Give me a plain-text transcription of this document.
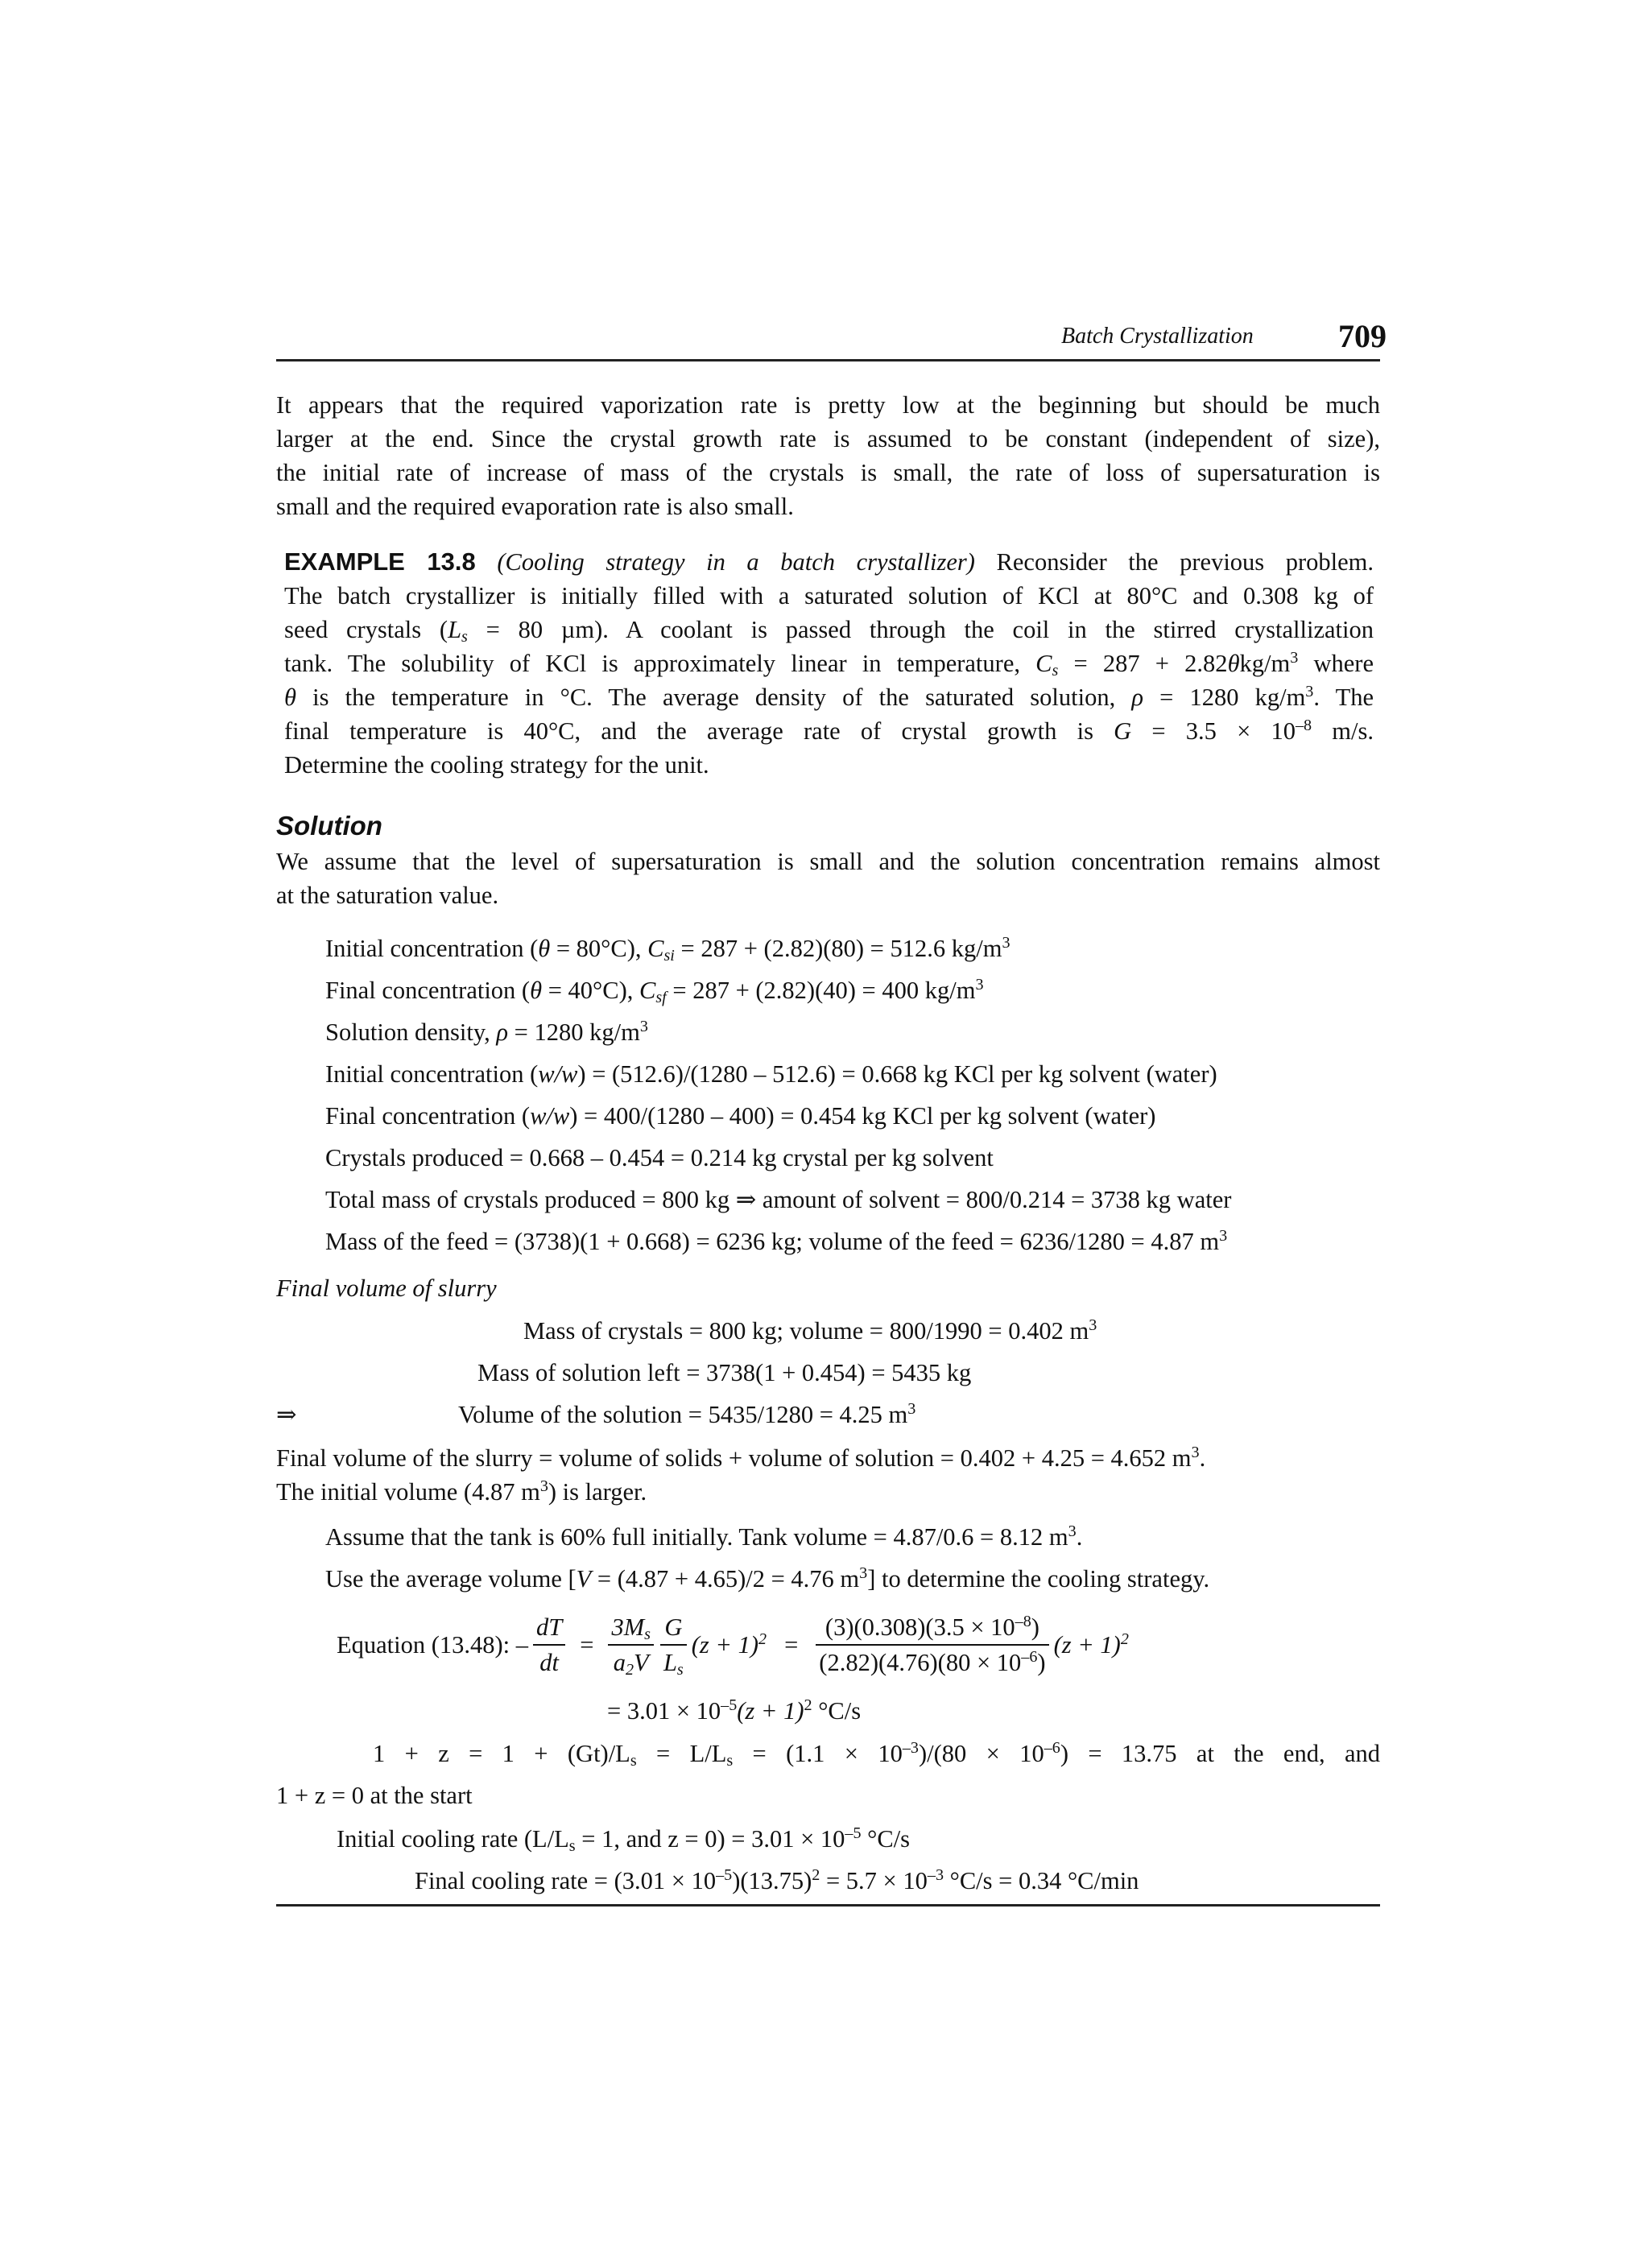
Batch Crystallization	709
It appears that the required vaporization rate is pretty low at the beginning but should be much
larger at the end. Since the crystal growth rate is assumed to be constant (independent of size),
the initial rate of increase of mass of the crystals is small, the rate of loss of supersaturation is
small and the required evaporation rate is also small.
EXAMPLE 13.8 (Cooling strategy in a batch crystallizer) Reconsider the previous problem.
The batch crystallizer is initially filled with a saturated solution of KCl at 80°C and 0.308 kg of
seed crystals ($L_s = 80$ µm). A coolant is passed through the coil in the stirred crystallization
tank. The solubility of KCl is approximately linear in temperature, $C_s = 287 + 2.82\theta kg/m^3$ where
θ is the temperature in °C. The average density of the saturated solution, ρ = 1280 $kg/m^3$. The
final temperature is 40°C, and the average rate of crystal growth is $G = 3.5 \times 10^{-8}$ m/s.
Determine the cooling strategy for the unit.
Solution
We assume that the level of supersaturation is small and the solution concentration remains almost
at the saturation value.
Initial concentration (θ = 80°C), $C_{si} = 287 + (2.82)(80) = 512.6$ $kg/m^3$
Final concentration (θ = 40°C), $C_{sf} = 287 + (2.82)(40) = 400$ $kg/m^3$
Solution density, ρ = 1280 $kg/m^3$
Initial concentration (w/w) = (512.6)/(1280 – 512.6) = 0.668 kg KCl per kg solvent (water)
Final concentration (w/w) = 400/(1280 – 400) = 0.454 kg KCl per kg solvent (water)
Crystals produced = 0.668 – 0.454 = 0.214 kg crystal per kg solvent
Total mass of crystals produced = 800 kg ⇒ amount of solvent = 800/0.214 = 3738 kg water
Mass of the feed = (3738)(1 + 0.668) = 6236 kg; volume of the feed = 6236/1280 = 4.87 $m^3$
Final volume of slurry
Mass of crystals = 800 kg; volume = 800/1990 = 0.402 $m^3$
Mass of solution left = 3738(1 + 0.454) = 5435 kg
⇒	Volume of the solution = 5435/1280 = 4.25 $m^3$
Final volume of the slurry = volume of solids + volume of solution = 0.402 + 4.25 = 4.652 $m^3$.
The initial volume (4.87 $m^3$) is larger.
Assume that the tank is 60% full initially. Tank volume = 4.87/0.6 = 8.12 $m^3$.
Use the average volume [V = (4.87 + 4.65)/2 = 4.76 $m^3$] to determine the cooling strategy.
Equation (13.48): – $\frac{dT}{dt} = \frac{3M_s}{a_2V} \frac{G}{L_s} (z + 1)^2 = \frac{(3)(0.308)(3.5 \times 10^{-8})}{(2.82)(4.76)(80 \times 10^{-6})} (z + 1)^2$
= $3.01 \times 10^{-5}(z + 1)^2$ °C/s
$1 + z = 1 + (Gt)/L_s = L/L_s = (1.1 \times 10^{-3})/(80 \times 10^{-6}) = 13.75$ at the end, and
1 + z = 0 at the start
Initial cooling rate ($L/L_s = 1$, and $z = 0) = 3.01 \times 10^{-5}$ °C/s
Final cooling rate = $(3.01 \times 10^{-5})(13.75)^2 = 5.7 \times 10^{-3}$ °C/s = 0.34 °C/min
